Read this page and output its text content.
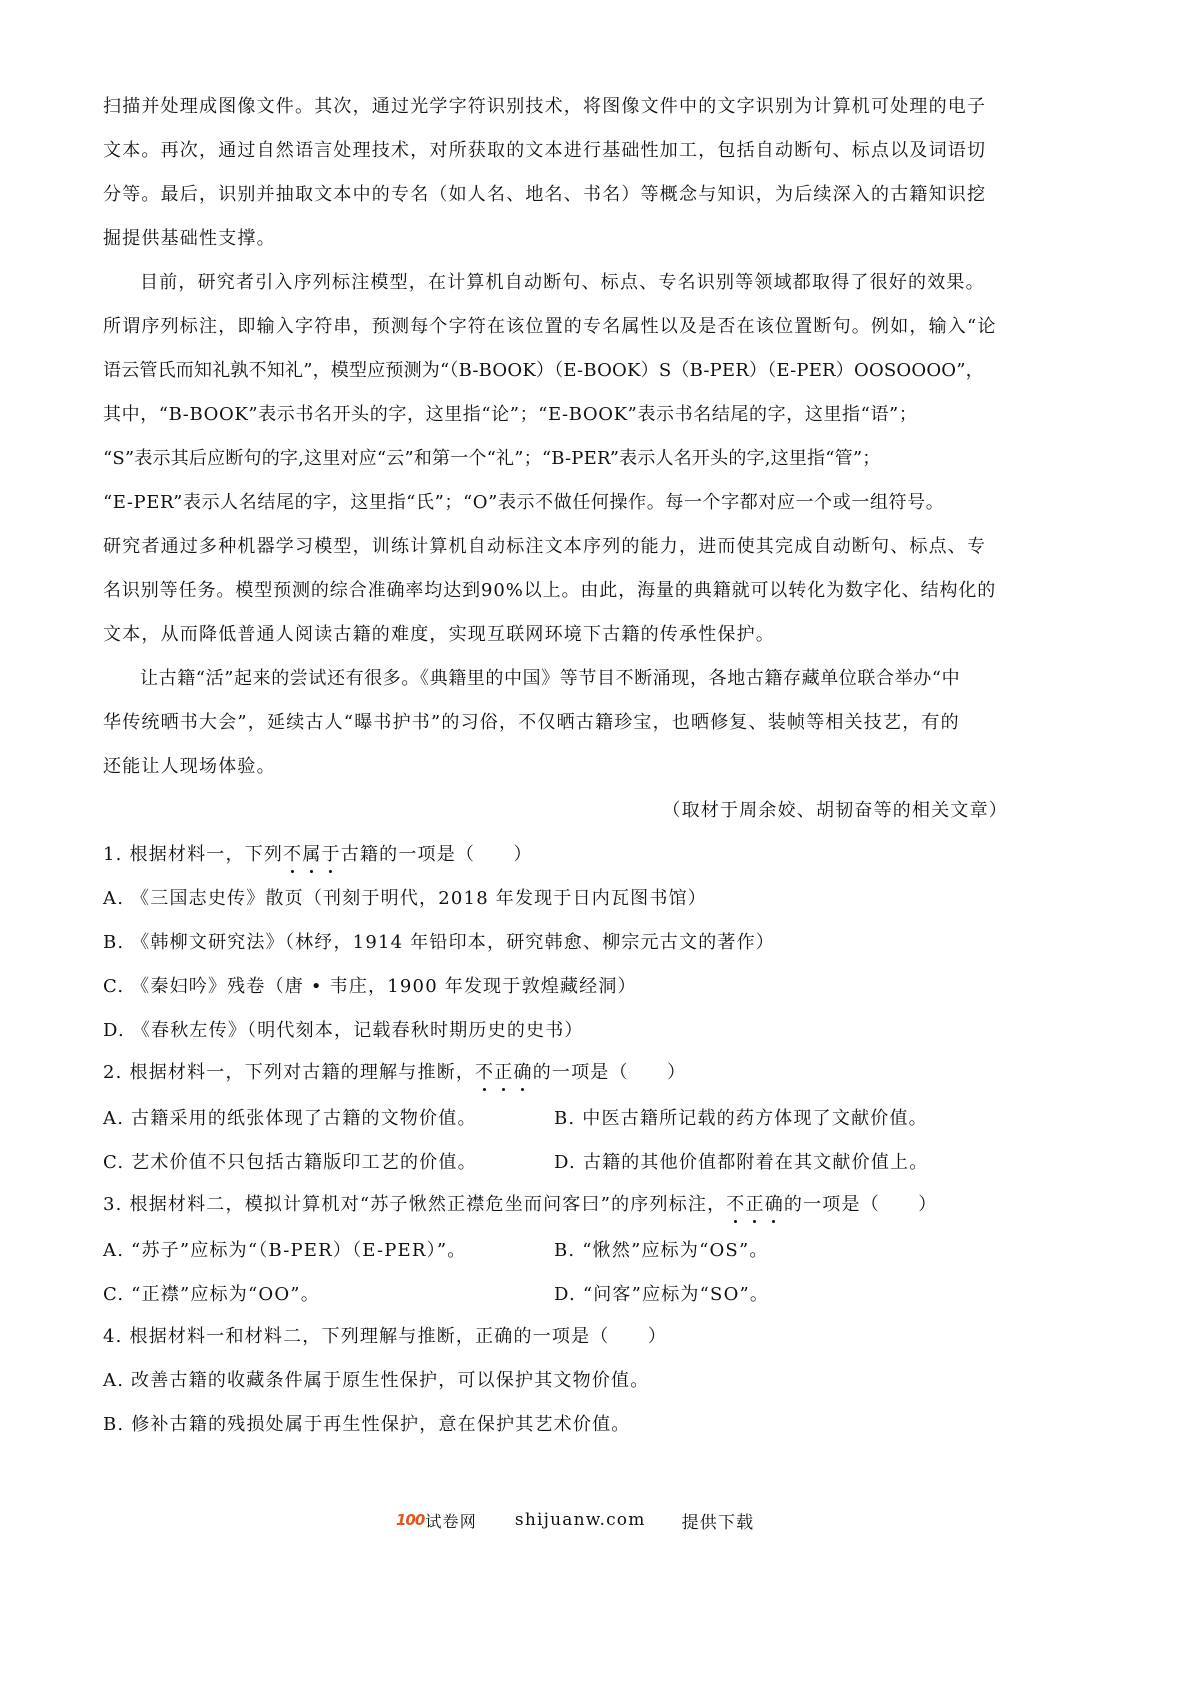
扫描并处理成图像文件。其次，通过光学字符识别技术，将图像文件中的文字识别为计算机可处理的电子
文本。再次，通过自然语言处理技术，对所获取的文本进行基础性加工，包括自动断句、标点以及词语切
分等。最后，识别并抽取文本中的专名（如人名、地名、书名）等概念与知识，为后续深入的古籍知识挖
掘提供基础性支撑。
目前，研究者引入序列标注模型，在计算机自动断句、标点、专名识别等领域都取得了很好的效果。
所谓序列标注，即输入字符串，预测每个字符在该位置的专名属性以及是否在该位置断句。例如，输入“论
语云管氏而知礼孰不知礼”，模型应预测为“（B-BOOK）（E-BOOK）S（B-PER）（E-PER）OOSOOOO”，
其中，“B-BOOK”表示书名开头的字，这里指“论”；“E-BOOK”表示书名结尾的字，这里指“语”；
“S”表示其后应断句的字,这里对应“云”和第一个“礼”；“B-PER”表示人名开头的字,这里指“管”；
“E-PER”表示人名结尾的字，这里指“氏”；“O”表示不做任何操作。每一个字都对应一个或一组符号。
研究者通过多种机器学习模型，训练计算机自动标注文本序列的能力，进而使其完成自动断句、标点、专
名识别等任务。模型预测的综合准确率均达到90%以上。由此，海量的典籍就可以转化为数字化、结构化的
文本，从而降低普通人阅读古籍的难度，实现互联网环境下古籍的传承性保护。
让古籍“活”起来的尝试还有很多。《典籍里的中国》等节目不断涌现，各地古籍存藏单位联合举办“中
华传统晒书大会”，延续古人“曝书护书”的习俗，不仅晒古籍珍宝，也晒修复、装帧等相关技艺，有的
还能让人现场体验。
（取材于周余姣、胡韧奋等的相关文章）
1. 根据材料一，下列不属于古籍的一项是（　　）
A. 《三国志史传》散页（刊刻于明代，2018 年发现于日内瓦图书馆）
B. 《韩柳文研究法》（林纾，1914 年铅印本，研究韩愈、柳宗元古文的著作）
C. 《秦妇吟》残卷（唐 • 韦庄，1900 年发现于敦煌藏经洞）
D. 《春秋左传》（明代刻本，记载春秋时期历史的史书）
2. 根据材料一，下列对古籍的理解与推断，不正确的一项是（　　）
A. 古籍采用的纸张体现了古籍的文物价值。	B. 中医古籍所记载的药方体现了文献价值。
C. 艺术价值不只包括古籍版印工艺的价值。	D. 古籍的其他价值都附着在其文献价值上。
3. 根据材料二，模拟计算机对“苏子愀然正襟危坐而问客曰”的序列标注，不正确的一项是（　　）
A. “苏子”应标为“（B-PER）（E-PER）”。	B. “愀然”应标为“OS”。
C. “正襟”应标为“OO”。	D. “问客”应标为“SO”。
4. 根据材料一和材料二，下列理解与推断，正确的一项是（　　）
A. 改善古籍的收藏条件属于原生性保护，可以保护其文物价值。
B. 修补古籍的残损处属于再生性保护，意在保护其艺术价值。
100 试卷网 shijuanw.com 提供下载
